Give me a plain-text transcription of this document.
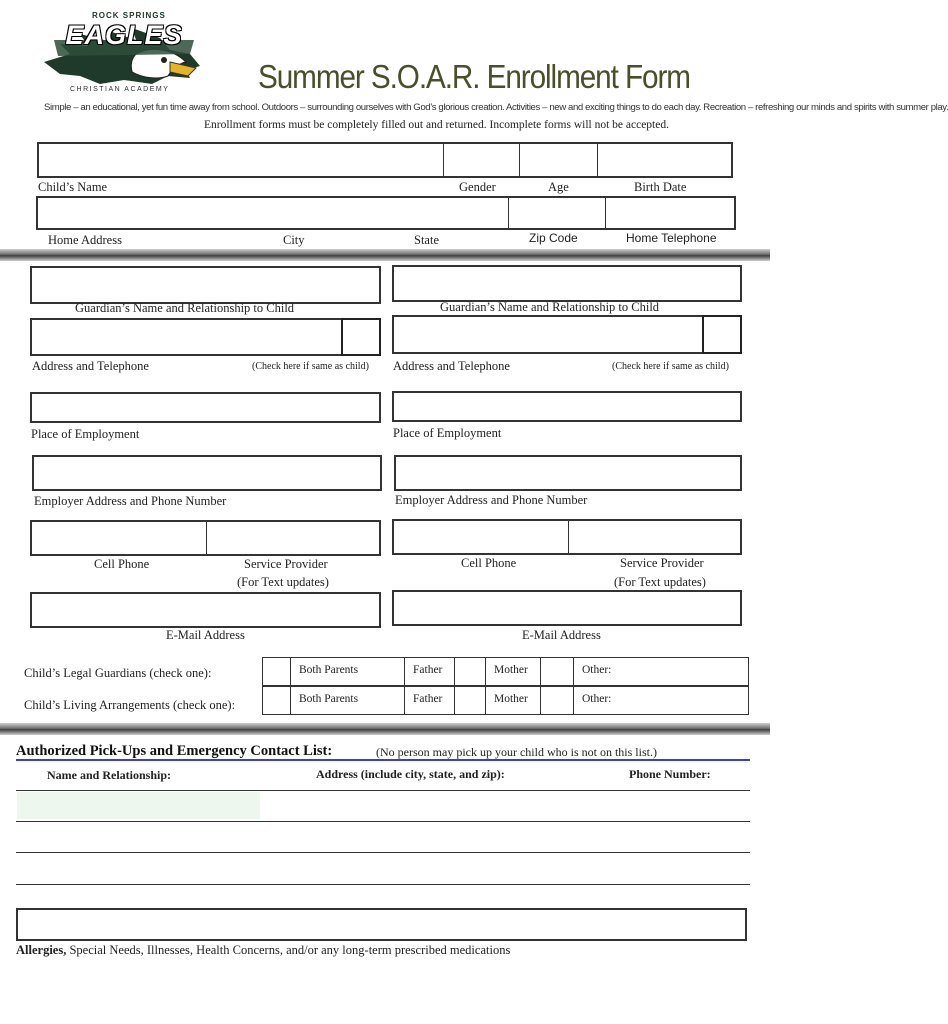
ROCK SPRINGS
EAGLES
CHRISTIAN ACADEMY	Summer S.O.A.R. Enrollment Form
Simple – an educational, yet fun time away from school. Outdoors – surrounding ourselves with God’s glorious creation. Activities – new and exciting things to do each day. Recreation – refreshing our minds and spirits with summer play.
Enrollment forms must be completely filled out and returned. Incomplete forms will not be accepted.
Child’s Name	Gender	Age	Birth Date
Home Address	City	State	Zip Code	Home Telephone
Guardian’s Name and Relationship to Child
Address and Telephone	(Check here if same as child)
Place of Employment
Employer Address and Phone Number
Cell Phone	Service Provider
(For Text updates)
E-Mail Address
Guardian’s Name and Relationship to Child
Address and Telephone	(Check here if same as child)
Place of Employment
Employer Address and Phone Number
Cell Phone	Service Provider
(For Text updates)
E-Mail Address
Child’s Legal Guardians (check one):	Both Parents	Father	Mother	Other:
Child’s Living Arrangements (check one):	Both Parents	Father	Mother	Other:
Authorized Pick-Ups and Emergency Contact List:	(No person may pick up your child who is not on this list.)
Name and Relationship:	Address (include city, state, and zip):	Phone Number:
Allergies, Special Needs, Illnesses, Health Concerns, and/or any long-term prescribed medications
